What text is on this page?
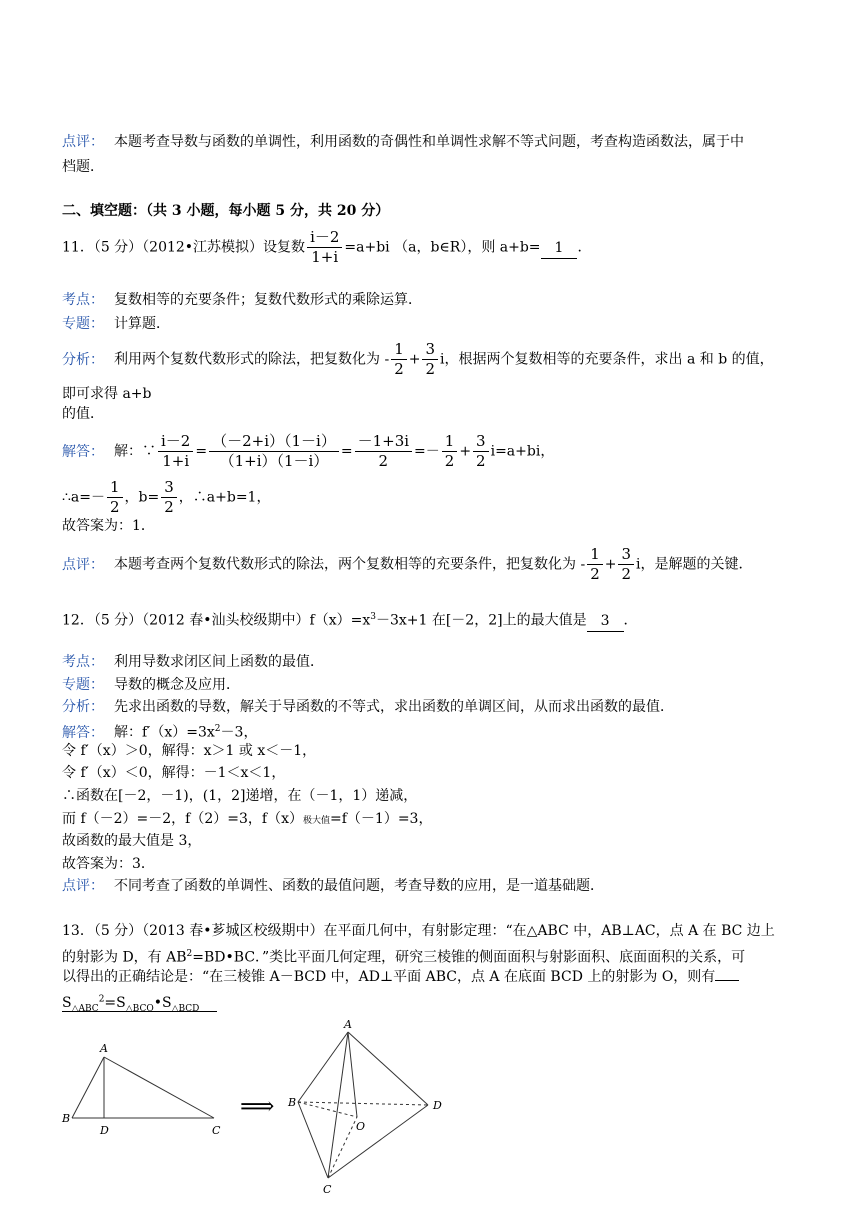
点评： 本题考查导数与函数的单调性，利用函数的奇偶性和单调性求解不等式问题，考查构造函数法，属于中
档题．
二、填空题：（共 3 小题，每小题 5 分，共 20 分）
11．（5 分）（2012•江苏模拟）设复数 $\frac{i-2}{1+i} =a+bi$ （a，b∈R），则 a+b= 1 ．
考点： 复数相等的充要条件；复数代数形式的乘除运算．
专题： 计算题．
分析： 利用两个复数代数形式的除法，把复数化为 - $\frac{1}{2} + \frac{3}{2}$ i，根据两个复数相等的充要条件，求出 a 和 b 的值，
即可求得 a+b
的值．
解答： 解：∵ $\frac{i-2}{1+i} = \frac{(-2+i)(1-i)}{(1+i)(1-i)} = \frac{-1+3i}{2} =- \frac{1}{2} + \frac{3}{2} i=a+bi$，
∴a=－ $\frac{1}{2}$ ，$b= \frac{3}{2}$ ，∴a+b=1，
故答案为：1．
点评： 本题考查两个复数代数形式的除法，两个复数相等的充要条件，把复数化为 - $\frac{1}{2} + \frac{3}{2}$ i，是解题的关键．
12．（5 分）（2012 春•汕头校级期中）$f(x)=x^3-3x+1$ 在[－2，2]上的最大值是 3 ．
考点： 利用导数求闭区间上函数的最值．
专题： 导数的概念及应用．
分析： 先求出函数的导数，解关于导函数的不等式，求出函数的单调区间，从而求出函数的最值．
解答： 解：$f'(x)=3x^2-3$，
令 f′（x）＞0，解得：x＞1 或 x＜－1，
令 f′（x）＜0，解得：－1＜x＜1，
∴函数在[－2，－1)，(1，2]递增，在（－1，1）递减，
而 f（－2）=－2，f（2）=3，f（x）极大值=f（－1）=3，
故函数的最大值是 3，
故答案为：3．
点评： 不同考查了函数的单调性、函数的最值问题，考查导数的应用，是一道基础题．
13．（5 分）（2013 春•芗城区校级期中）在平面几何中，有射影定理：“在△ABC 中，AB⊥AC，点 A 在 BC 边上
的射影为 D，有 $AB^2=BD•BC$．”类比平面几何定理，研究三棱锥的侧面面积与射影面积、底面面积的关系，可
以得出的正确结论是：“在三棱锥 A－BCD 中，AD⊥平面 ABC，点 A 在底面 BCD 上的射影为 O，则有
$S_{\triangle ABC}^2=S_{\triangle BCO}•S_{\triangle BCD}$
A
B
D	C
⟹
A
B	D
O
C
